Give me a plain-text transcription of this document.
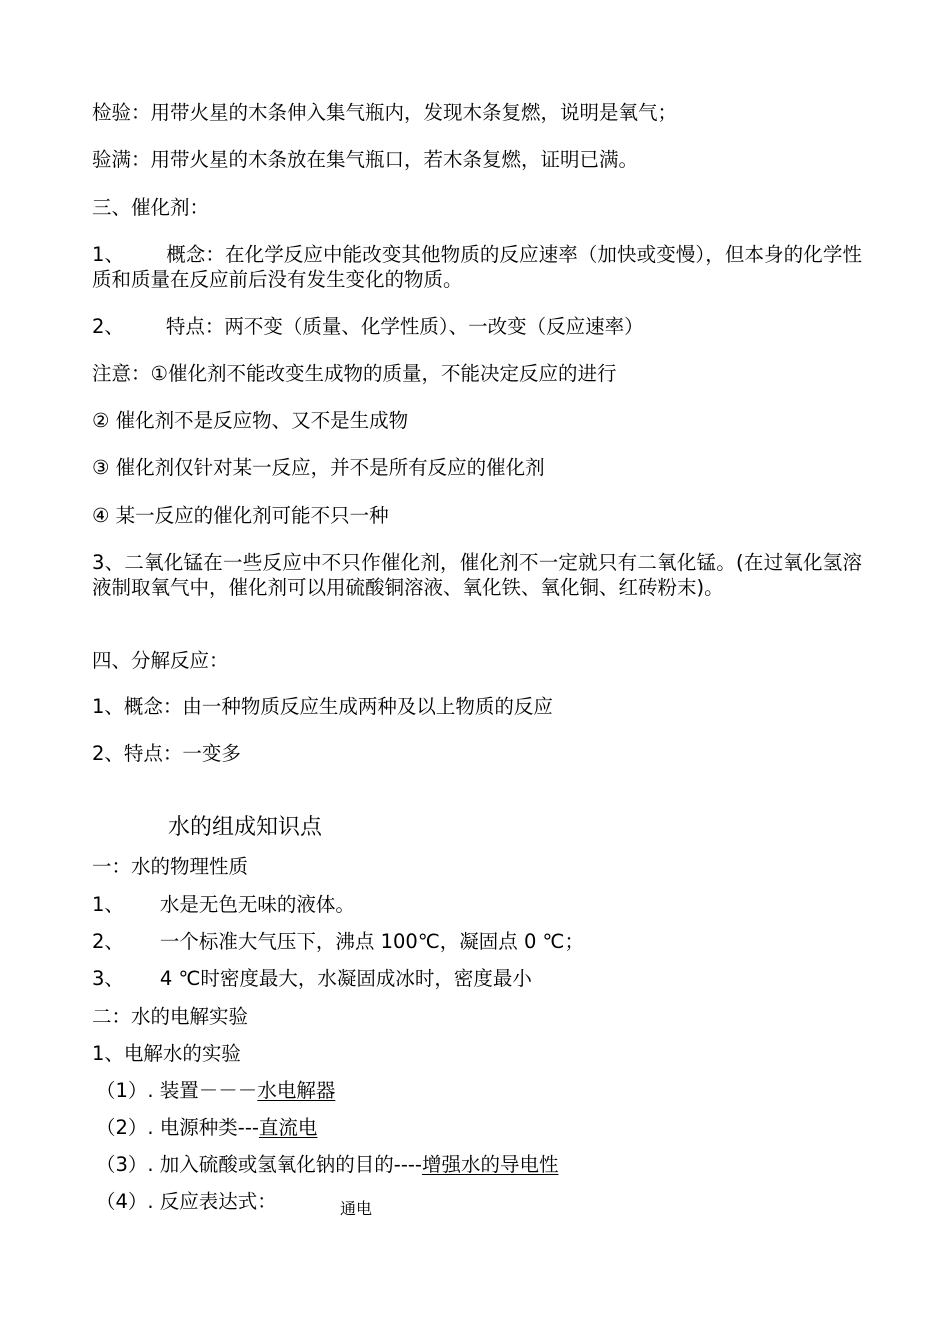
检验：用带火星的木条伸入集气瓶内，发现木条复燃，说明是氧气；
验满：用带火星的木条放在集气瓶口，若木条复燃，证明已满。
三、催化剂：
1、 概念：在化学反应中能改变其他物质的反应速率（加快或变慢），但本身的化学性质和质量在反应前后没有发生变化的物质。
2、 特点：两不变（质量、化学性质）、一改变（反应速率）
注意：①催化剂不能改变生成物的质量，不能决定反应的进行
② 催化剂不是反应物、又不是生成物
③ 催化剂仅针对某一反应，并不是所有反应的催化剂
④ 某一反应的催化剂可能不只一种
3、二氧化锰在一些反应中不只作催化剂，催化剂不一定就只有二氧化锰。(在过氧化氢溶液制取氧气中，催化剂可以用硫酸铜溶液、氧化铁、氧化铜、红砖粉末)。
四、分解反应：
1、概念：由一种物质反应生成两种及以上物质的反应
2、特点：一变多
水的组成知识点
一：水的物理性质
1、 水是无色无味的液体。
2、 一个标准大气压下，沸点 100℃，凝固点 0 ℃；
3、 4 ℃时密度最大，水凝固成冰时，密度最小
二：水的电解实验
1、电解水的实验
（1）. 装置－－－水电解器
（2）. 电源种类---直流电
（3）. 加入硫酸或氢氧化钠的目的----增强水的导电性
（4）. 反应表达式：	通电
